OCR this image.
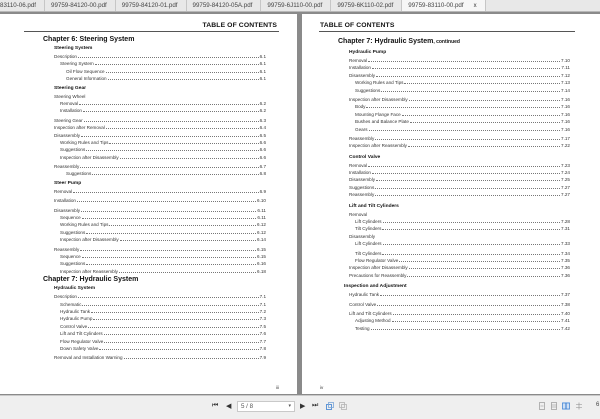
83110-06.pdf	99759-84120-00.pdf	99759-84120-01.pdf	99759-84120-05A.pdf	99759-6J110-00.pdf	99759-6K110-02.pdf	99759-83110-00.pdf x
TABLE OF CONTENTS
Chapter 6: Steering System
Steering System
Description	6.1
Steering System	6.1
Oil Flow Sequence	6.1
General Information	6.1
Steering Gear
Steering Wheel
Removal	6.2
Installation	6.2
Steering Gear	6.3
Inspection after Removal	6.4
Disassembly	6.5
Working Rules and Tips	6.6
Suggestions	6.6
Inspection after Disassembly	6.6
Reassembly	6.7
Suggestions	6.8
Steer Pump
Removal	6.9
Installation	6.10
Disassembly	6.11
Sequence	6.11
Working Rules and Tips	6.12
Suggestions	6.12
Inspection after Disassembly	6.14
Reassembly	6.15
Sequence	6.15
Suggestions	6.16
Inspection after Reassembly	6.18
Chapter 7: Hydraulic System
Hydraulic System
Description	7.1
Schematic	7.1
Hydraulic Tank	7.2
Hydraulic Pump	7.3
Control Valve	7.5
Lift and Tilt Cylinders	7.6
Flow Regulator Valve	7.7
Down Safety Valve	7.8
Removal and Installation Warning	7.9
iii
TABLE OF CONTENTS
Chapter 7: Hydraulic System, continued
Hydraulic Pump
Removal	7.10
Installation	7.11
Disassembly	7.12
Working Rules and Tips	7.13
Suggestions	7.14
Inspection after Disassembly	7.16
Body	7.16
Mounting Flange Face	7.16
Bushes and Balance Plate	7.16
Gears	7.16
Reassembly	7.17
Inspection after Reassembly	7.22
Control Valve
Removal	7.23
Installation	7.24
Disassembly	7.25
Suggestions	7.27
Reassembly	7.27
Lift and Tilt Cylinders
Removal
Lift Cylinders	7.28
Tilt Cylinders	7.31
Disassembly
Lift Cylinders	7.33
Tilt Cylinders	7.34
Flow Regulator Valve	7.35
Inspection after Disassembly	7.36
Precautions for Reassembly	7.36
Inspection and Adjustment
Hydraulic Tank	7.37
Control Valve	7.38
Lift and Tilt Cylinders	7.40
Adjusting Method	7.41
Testing	7.42
iv
⏮ ◀	5 / 8	▾ ▶ ⏭	6
